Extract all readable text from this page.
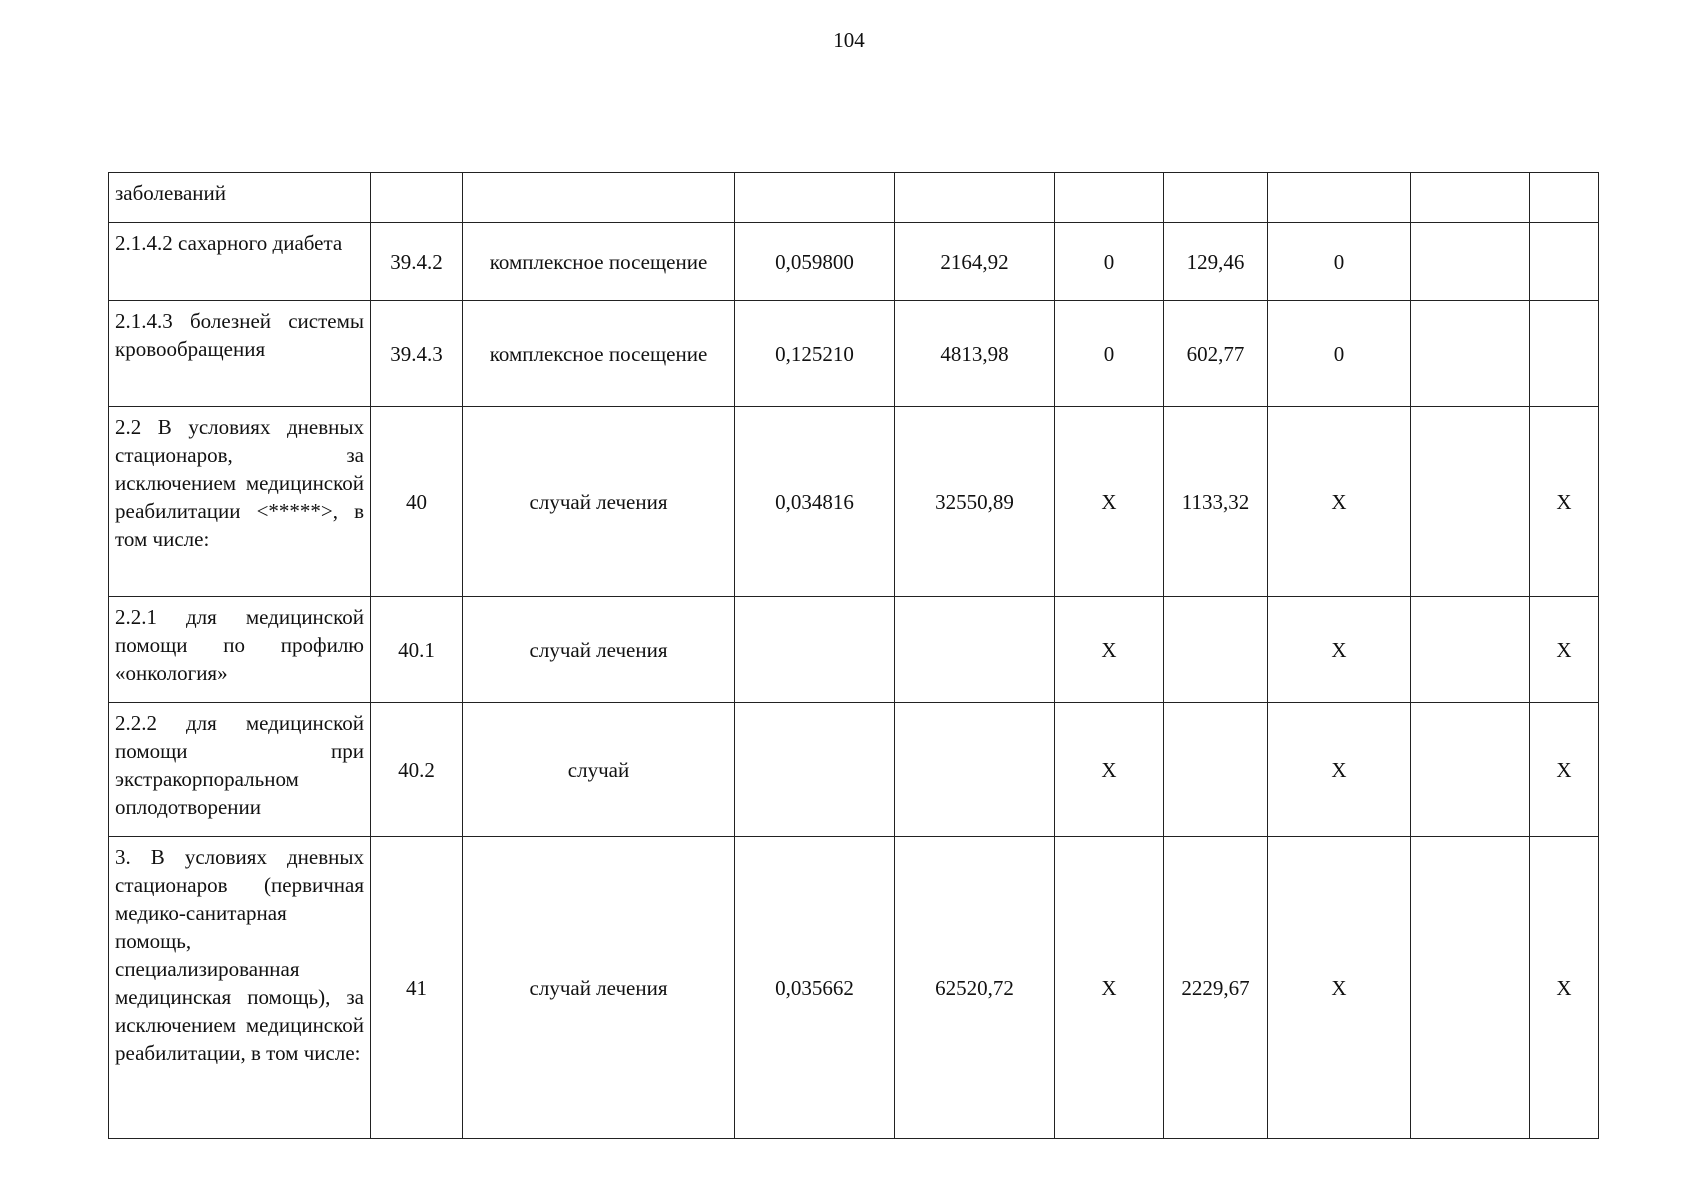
104
заболеваний									
2.1.4.2 сахарного диабета	39.4.2	комплексное посещение	0,059800	2164,92	0	129,46	0		
2.1.4.3 болезней системы кровообращения	39.4.3	комплексное посещение	0,125210	4813,98	0	602,77	0		
2.2 В условиях дневных стационаров, за исключением медицинской реабилитации <*****>, в том числе:	40	случай лечения	0,034816	32550,89	X	1133,32	X		X
2.2.1 для медицинской помощи по профилю «онкология»	40.1	случай лечения			X		X		X
2.2.2 для медицинской помощи при экстракорпоральном оплодотворении	40.2	случай			X		X		X
3. В условиях дневных стационаров (первичная медико-санитарная помощь, специализированная медицинская помощь), за исключением медицинской реабилитации, в том числе:	41	случай лечения	0,035662	62520,72	X	2229,67	X		X
